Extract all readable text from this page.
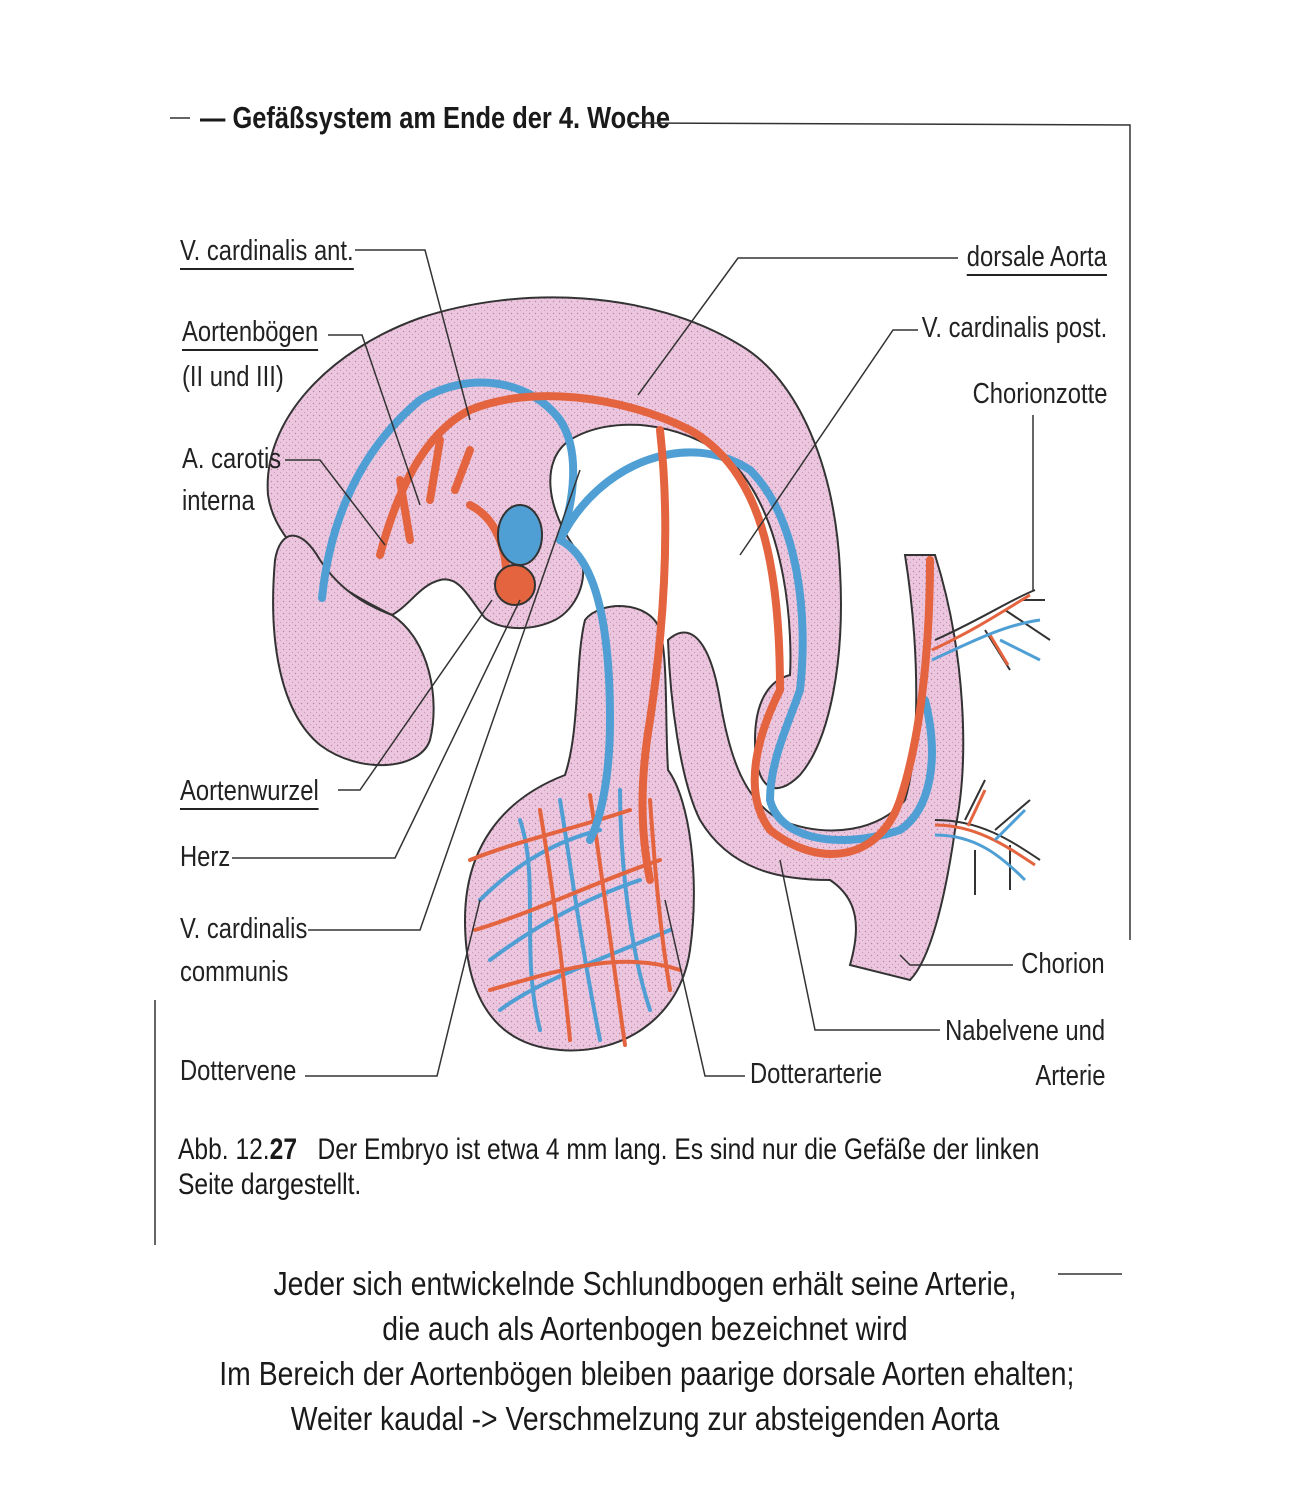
— Gefäßsystem am Ende der 4. Woche
V. cardinalis ant.
Aortenbögen
(II und III)
A. carotis
interna
Aortenwurzel
Herz
V. cardinalis
communis
Dottervene
dorsale Aorta
V. cardinalis post.
Chorionzotte
Chorion
Nabelvene und
Arterie
Dotterarterie
Abb. 12.27 Der Embryo ist etwa 4 mm lang. Es sind nur die Gefäße der linken Seite dargestellt.
Jeder sich entwickelnde Schlundbogen erhält seine Arterie,
die auch als Aortenbogen bezeichnet wird
Im Bereich der Aortenbögen bleiben paarige dorsale Aorten ehalten;
Weiter kaudal -> Verschmelzung zur absteigenden Aorta
